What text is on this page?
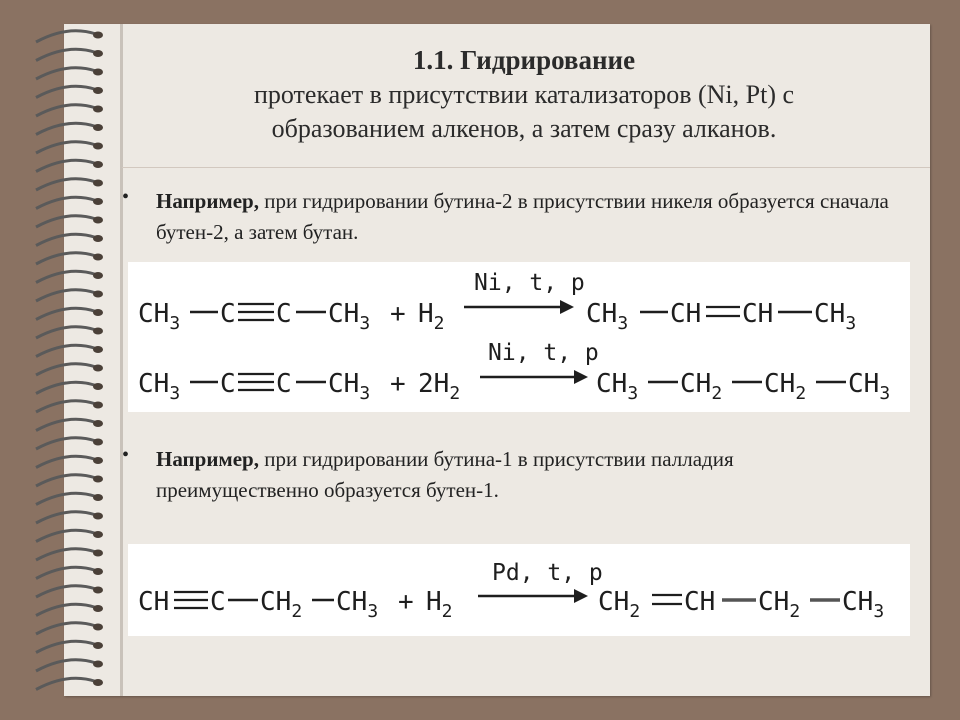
1.1. Гидрирование
протекает в присутствии катализаторов (Ni, Pt) с образованием алкенов, а затем сразу алканов.
• Например, при гидрировании бутина-2 в присутствии никеля образуется сначала бутен-2, а затем бутан.
$CH_3$ C C $CH_3 + H_2$
Ni, t, p
$CH_3$ CH CH $CH_3$
$CH_3$ C C $CH_3 + 2H_2$
Ni, t, p
$CH_3$ $CH_2$ $CH_2$ $CH_3$
• Например, при гидрировании бутина-1 в присутствии палладия преимущественно образуется бутен-1.
CH C $CH_2$ $CH_3 + H_2$
Pd, t, p
$CH_2$ CH $CH_2$ $CH_3$
